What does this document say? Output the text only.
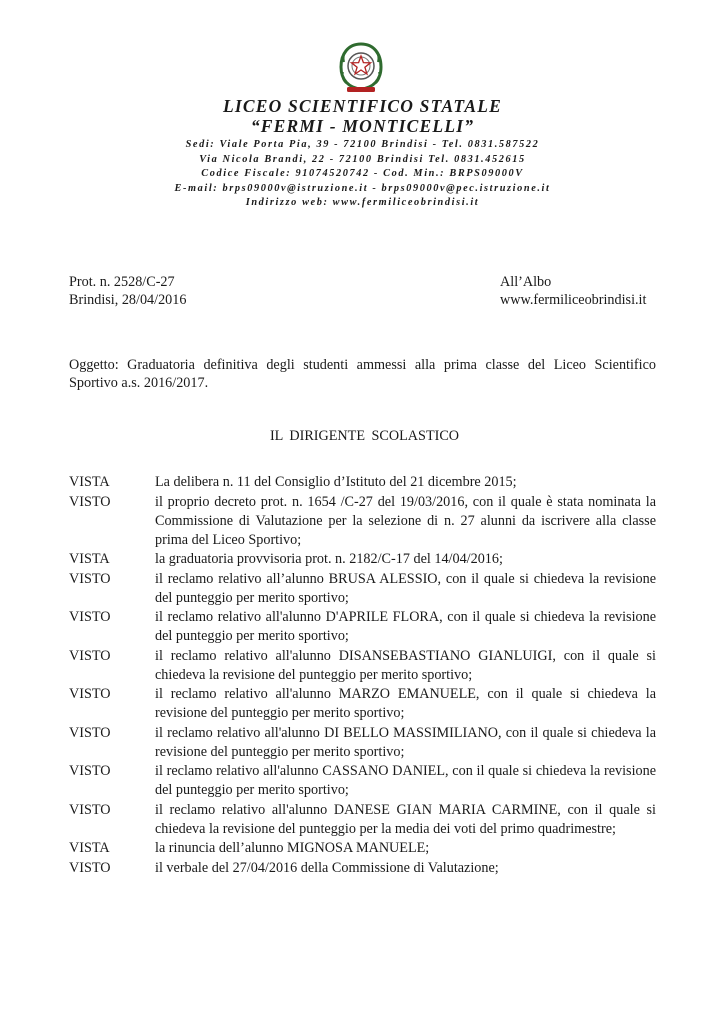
LICEO SCIENTIFICO STATALE
“FERMI - MONTICELLI”
Sedi: Viale Porta Pia, 39 - 72100 Brindisi - Tel. 0831.587522
Via Nicola Brandi, 22 - 72100 Brindisi Tel. 0831.452615
Codice Fiscale: 91074520742 - Cod. Min.: BRPS09000V
E-mail: brps09000v@istruzione.it - brps09000v@pec.istruzione.it
Indirizzo web: www.fermiliceobrindisi.it
Prot. n. 2528/C-27
Brindisi, 28/04/2016
All’Albo
www.fermiliceobrindisi.it
Oggetto: Graduatoria definitiva degli studenti ammessi alla prima classe del Liceo Scientifico
Sportivo a.s. 2016/2017.
IL DIRIGENTE SCOLASTICO
VISTA	La delibera n. 11 del Consiglio d’Istituto del 21 dicembre 2015;
VISTO	il proprio decreto prot. n. 1654 /C-27 del 19/03/2016, con il quale è stata nominata la Commissione di Valutazione per la selezione di n. 27 alunni da iscrivere alla classe prima del Liceo Sportivo;
VISTA	la graduatoria provvisoria prot. n. 2182/C-17 del 14/04/2016;
VISTO	il reclamo relativo all’alunno BRUSA ALESSIO, con il quale si chiedeva la revisione del punteggio per merito sportivo;
VISTO	il reclamo relativo all'alunno D'APRILE FLORA, con il quale si chiedeva la revisione del punteggio per merito sportivo;
VISTO	il reclamo relativo all'alunno DISANSEBASTIANO GIANLUIGI, con il quale si chiedeva la revisione del punteggio per merito sportivo;
VISTO	il reclamo relativo all'alunno MARZO EMANUELE, con il quale si chiedeva la revisione del punteggio per merito sportivo;
VISTO	il reclamo relativo all'alunno DI BELLO MASSIMILIANO, con il quale si chiedeva la revisione del punteggio per merito sportivo;
VISTO	il reclamo relativo all'alunno CASSANO DANIEL, con il quale si chiedeva la revisione del punteggio per merito sportivo;
VISTO	il reclamo relativo all'alunno DANESE GIAN MARIA CARMINE, con il quale si chiedeva la revisione del punteggio per la media dei voti del primo quadrimestre;
VISTA	la rinuncia dell’alunno MIGNOSA MANUELE;
VISTO	il verbale del 27/04/2016 della Commissione di Valutazione;
